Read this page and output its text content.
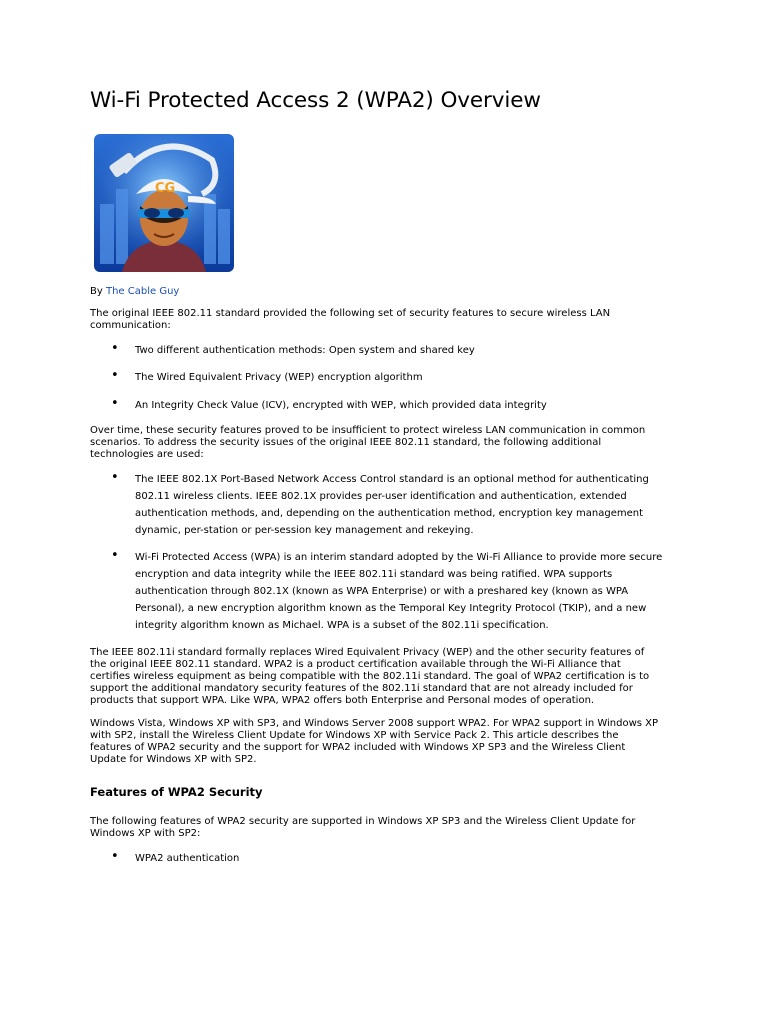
Wi-Fi Protected Access 2 (WPA2) Overview
CG

By The Cable Guy

The original IEEE 802.11 standard provided the following set of security features to secure wireless LAN communication:

• Two different authentication methods: Open system and shared key
• The Wired Equivalent Privacy (WEP) encryption algorithm
• An Integrity Check Value (ICV), encrypted with WEP, which provided data integrity

Over time, these security features proved to be insufficient to protect wireless LAN communication in common scenarios. To address the security issues of the original IEEE 802.11 standard, the following additional technologies are used:

• The IEEE 802.1X Port-Based Network Access Control standard is an optional method for authenticating 802.11 wireless clients. IEEE 802.1X provides per-user identification and authentication, extended authentication methods, and, depending on the authentication method, encryption key management dynamic, per-station or per-session key management and rekeying.
• Wi-Fi Protected Access (WPA) is an interim standard adopted by the Wi-Fi Alliance to provide more secure encryption and data integrity while the IEEE 802.11i standard was being ratified. WPA supports authentication through 802.1X (known as WPA Enterprise) or with a preshared key (known as WPA Personal), a new encryption algorithm known as the Temporal Key Integrity Protocol (TKIP), and a new integrity algorithm known as Michael. WPA is a subset of the 802.11i specification.

The IEEE 802.11i standard formally replaces Wired Equivalent Privacy (WEP) and the other security features of the original IEEE 802.11 standard. WPA2 is a product certification available through the Wi-Fi Alliance that certifies wireless equipment as being compatible with the 802.11i standard. The goal of WPA2 certification is to support the additional mandatory security features of the 802.11i standard that are not already included for products that support WPA. Like WPA, WPA2 offers both Enterprise and Personal modes of operation.

Windows Vista, Windows XP with SP3, and Windows Server 2008 support WPA2. For WPA2 support in Windows XP with SP2, install the Wireless Client Update for Windows XP with Service Pack 2. This article describes the features of WPA2 security and the support for WPA2 included with Windows XP SP3 and the Wireless Client Update for Windows XP with SP2.

Features of WPA2 Security

The following features of WPA2 security are supported in Windows XP SP3 and the Wireless Client Update for Windows XP with SP2:

• WPA2 authentication
